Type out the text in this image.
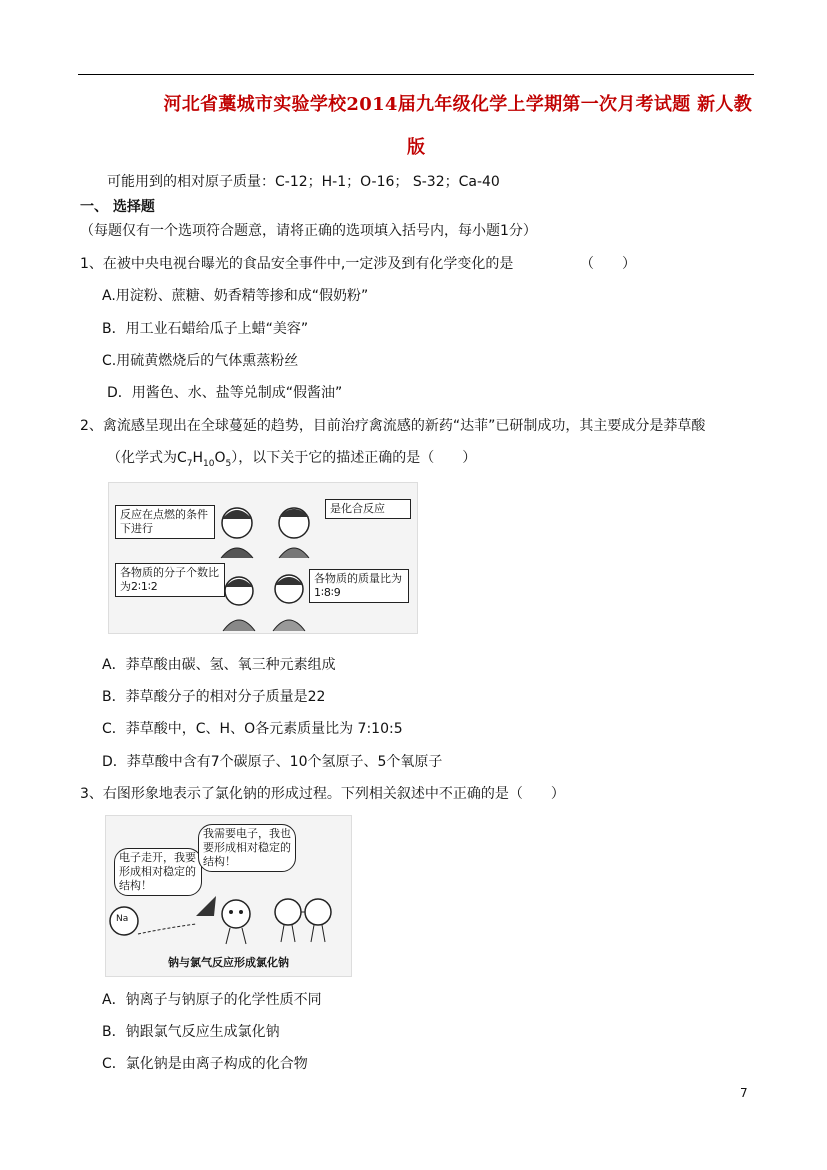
河北省藁城市实验学校2014届九年级化学上学期第一次月考试题 新人教
版
可能用到的相对原子质量：C-12；H-1；O-16； S-32；Ca-40
一、 选择题
（每题仅有一个选项符合题意，请将正确的选项填入括号内，每小题1分）
1、在被中央电视台曝光的食品安全事件中,一定涉及到有化学变化的是	（　　）
A.用淀粉、蔗糖、奶香精等掺和成“假奶粉”
B．用工业石蜡给瓜子上蜡“美容”
C.用硫黄燃烧后的气体熏蒸粉丝
D．用酱色、水、盐等兑制成“假酱油”
2、禽流感呈现出在全球蔓延的趋势，目前治疗禽流感的新药“达菲”已研制成功，其主要成分是莽草酸
（化学式为$C_7H_{10}O_5$），以下关于它的描述正确的是（　　）
反应在点燃的条件下进行
是化合反应
各物质的分子个数比为2∶1∶2
各物质的质量比为1∶8∶9
A．莽草酸由碳、氢、氧三种元素组成
B．莽草酸分子的相对分子质量是22
C．莽草酸中，C、H、O各元素质量比为 7:10:5
D．莽草酸中含有7个碳原子、10个氢原子、5个氧原子
3、右图形象地表示了氯化钠的形成过程。下列相关叙述中不正确的是（　　）
电子走开，我要形成相对稳定的结构！
我需要电子，我也要形成相对稳定的结构！
Na
钠与氯气反应形成氯化钠
A．钠离子与钠原子的化学性质不同
B．钠跟氯气反应生成氯化钠
C．氯化钠是由离子构成的化合物
7
